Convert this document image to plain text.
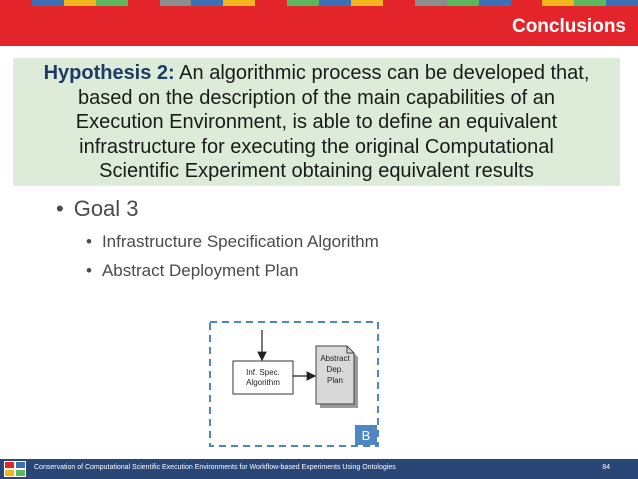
Conclusions
Hypothesis 2: An algorithmic process can be developed that,
based on the description of the main capabilities of an
Execution Environment, is able to define an equivalent
infrastructure for executing the original Computational
Scientific Experiment obtaining equivalent results
• Goal 3
• Infrastructure Specification Algorithm
• Abstract Deployment Plan
Inf. Spec.
Algorithm
Abstract
Dep.
Plan
B
Conservation of Computational Scientific Execution Environments for Workflow-based Experiments Using Ontologies	84
